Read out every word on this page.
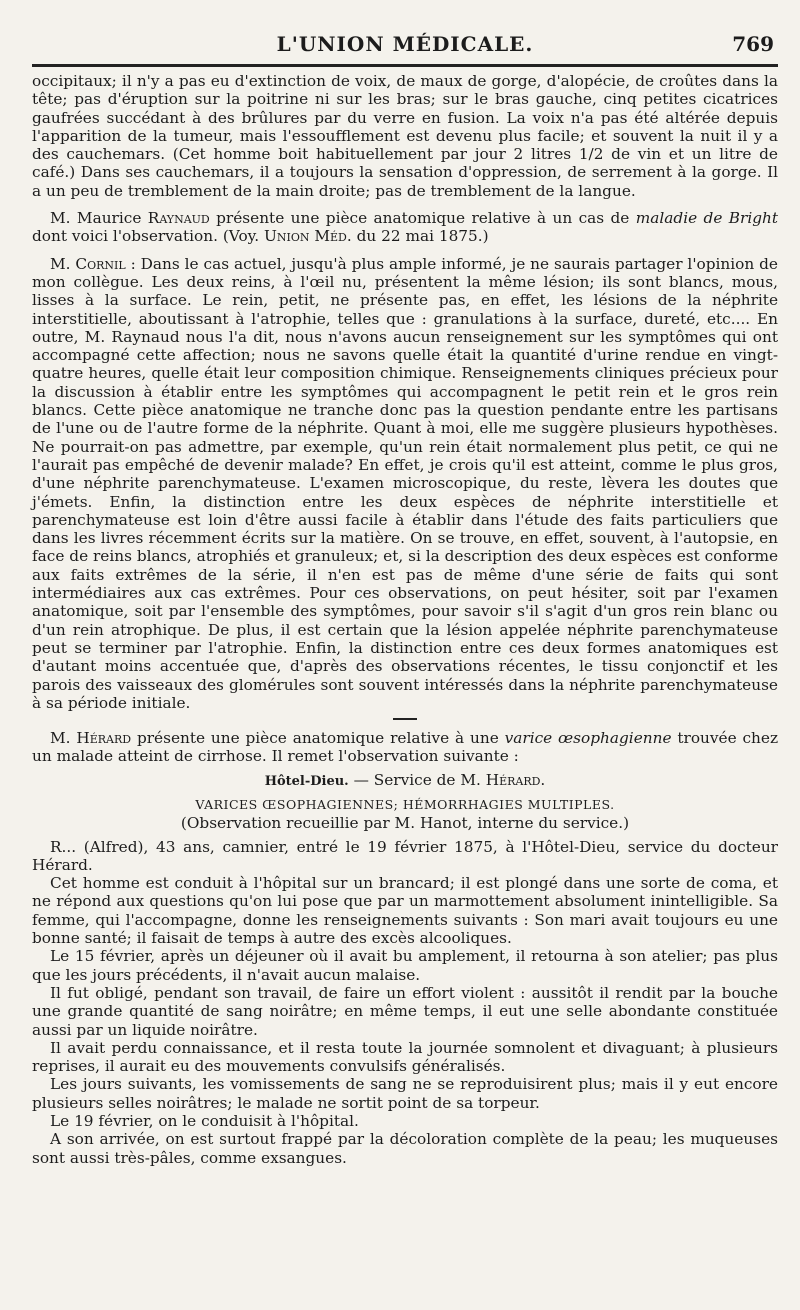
L'UNION MÉDICALE.	769

occipitaux; il n'y a pas eu d'extinction de voix, de maux de gorge, d'alopécie, de croûtes dans la tête; pas d'éruption sur la poitrine ni sur les bras; sur le bras gauche, cinq petites cicatrices gaufrées succédant à des brûlures par du verre en fusion. La voix n'a pas été altérée depuis l'apparition de la tumeur, mais l'essoufflement est devenu plus facile; et souvent la nuit il y a des cauchemars. (Cet homme boit habituellement par jour 2 litres 1/2 de vin et un litre de café.) Dans ses cauchemars, il a toujours la sensation d'oppression, de serrement à la gorge. Il a un peu de tremblement de la main droite; pas de tremblement de la langue.

M. Maurice Raynaud présente une pièce anatomique relative à un cas de maladie de Bright dont voici l'observation. (Voy. Union Méd. du 22 mai 1875.)

M. Cornil : Dans le cas actuel, jusqu'à plus ample informé, je ne saurais partager l'opinion de mon collègue. Les deux reins, à l'œil nu, présentent la même lésion; ils sont blancs, mous, lisses à la surface. Le rein, petit, ne présente pas, en effet, les lésions de la néphrite interstitielle, aboutissant à l'atrophie, telles que : granulations à la surface, dureté, etc.... En outre, M. Raynaud nous l'a dit, nous n'avons aucun renseignement sur les symptômes qui ont accompagné cette affection; nous ne savons quelle était la quantité d'urine rendue en vingt-quatre heures, quelle était leur composition chimique. Renseignements cliniques précieux pour la discussion à établir entre les symptômes qui accompagnent le petit rein et le gros rein blancs. Cette pièce anatomique ne tranche donc pas la question pendante entre les partisans de l'une ou de l'autre forme de la néphrite. Quant à moi, elle me suggère plusieurs hypothèses. Ne pourrait-on pas admettre, par exemple, qu'un rein était normalement plus petit, ce qui ne l'aurait pas empêché de devenir malade? En effet, je crois qu'il est atteint, comme le plus gros, d'une néphrite parenchymateuse. L'examen microscopique, du reste, lèvera les doutes que j'émets. Enfin, la distinction entre les deux espèces de néphrite interstitielle et parenchymateuse est loin d'être aussi facile à établir dans l'étude des faits particuliers que dans les livres récemment écrits sur la matière. On se trouve, en effet, souvent, à l'autopsie, en face de reins blancs, atrophiés et granuleux; et, si la description des deux espèces est conforme aux faits extrêmes de la série, il n'en est pas de même d'une série de faits qui sont intermédiaires aux cas extrêmes. Pour ces observations, on peut hésiter, soit par l'examen anatomique, soit par l'ensemble des symptômes, pour savoir s'il s'agit d'un gros rein blanc ou d'un rein atrophique. De plus, il est certain que la lésion appelée néphrite parenchymateuse peut se terminer par l'atrophie. Enfin, la distinction entre ces deux formes anatomiques est d'autant moins accentuée que, d'après des observations récentes, le tissu conjonctif et les parois des vaisseaux des glomérules sont souvent intéressés dans la néphrite parenchymateuse à sa période initiale.

M. Hérard présente une pièce anatomique relative à une varice œsophagienne trouvée chez un malade atteint de cirrhose. Il remet l'observation suivante :

Hôtel-Dieu. — Service de M. Hérard.

VARICES ŒSOPHAGIENNES; HÉMORRHAGIES MULTIPLES.

(Observation recueillie par M. Hanot, interne du service.)

R... (Alfred), 43 ans, camnier, entré le 19 février 1875, à l'Hôtel-Dieu, service du docteur Hérard.

Cet homme est conduit à l'hôpital sur un brancard; il est plongé dans une sorte de coma, et ne répond aux questions qu'on lui pose que par un marmottement absolument inintelligible. Sa femme, qui l'accompagne, donne les renseignements suivants : Son mari avait toujours eu une bonne santé; il faisait de temps à autre des excès alcooliques.

Le 15 février, après un déjeuner où il avait bu amplement, il retourna à son atelier; pas plus que les jours précédents, il n'avait aucun malaise.

Il fut obligé, pendant son travail, de faire un effort violent : aussitôt il rendit par la bouche une grande quantité de sang noirâtre; en même temps, il eut une selle abondante constituée aussi par un liquide noirâtre.

Il avait perdu connaissance, et il resta toute la journée somnolent et divaguant; à plusieurs reprises, il aurait eu des mouvements convulsifs généralisés.

Les jours suivants, les vomissements de sang ne se reproduisirent plus; mais il y eut encore plusieurs selles noirâtres; le malade ne sortit point de sa torpeur.

Le 19 février, on le conduisit à l'hôpital.

A son arrivée, on est surtout frappé par la décoloration complète de la peau; les muqueuses sont aussi très-pâles, comme exsangues.
